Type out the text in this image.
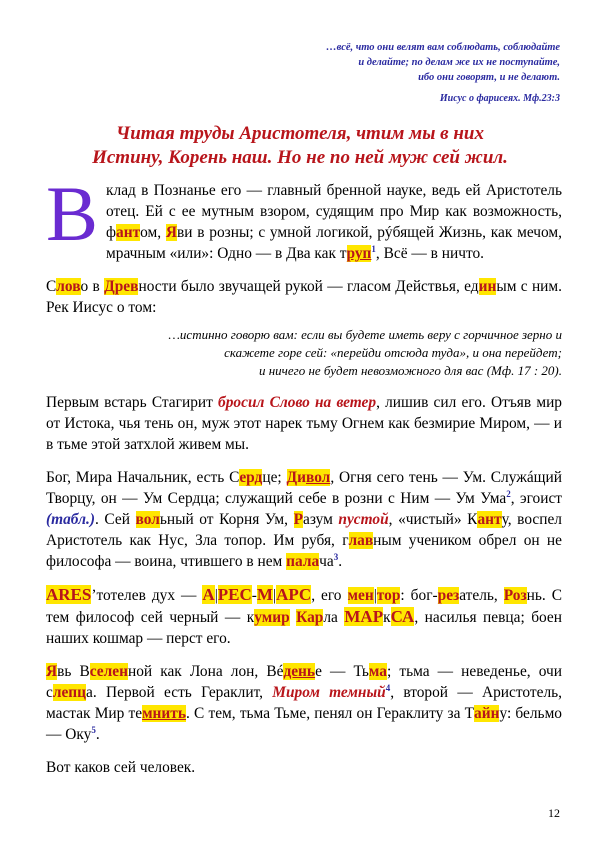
…всё, что они велят вам соблюдать, соблюдайте
и делайте; по делам же их не поступайте,
ибо они говорят, и не делают.
Иисус о фарисеях. Мф.23:3
Читая труды Аристотеля, чтим мы в них
Истину, Корень наш. Но не по ней муж сей жил.

Вклад в Познанье его — главный бренной науке, ведь ей Аристотель отец. Ей с ее мутным взором, судящим про Мир как возможность, фантом, Яви в розны; с умной логикой, рýбящей Жизнь, как мечом, мрачным «или»: Одно — в Два как труп$^1$, Всё — в ничто.

Слово в Древности было звучащей рукой — гласом Действья, единым с ним. Рек Иисус о том:

…истинно говорю вам: если вы будете иметь веру с горчичное зерно и
скажете горе сей: «перейди отсюда туда», и она перейдет;
и ничего не будет невозможного для вас (Мф. 17 : 20).

Первым встарь Стагирит бросил Слово на ветер, лишив сил его. Отъяв мир от Истока, чья тень он, муж этот нарек тьму Огнем как безмирие Миром, — и в тьме этой затхлой живем мы.

Бог, Мира Начальник, есть Сердце; Дивол, Огня сего тень — Ум. Служáщий Творцу, он — Ум Сердца; служащий себе в розни с Ним — Ум Ума$^2$, эгоист (табл.). Сей вольный от Корня Ум, Разум пустой, «чистый» Канту, воспел Аристотель как Нус, Зла топор. Им рубя, главным учеником обрел он не философа — воина, чтившего в нем палача$^3$.

ARES’тотелев дух — А|РЕС-М|АРС, его мен|тор: бог-резатель, Рознь. С тем философ сей черный — кумир Карла МАРкСА, насилья певца; боен наших кошмар — перст его.

Явь Вселенной как Лона лон, Вéденье — Тьма; тьма — неведенье, очи слепца. Первой есть Гераклит, Миром темный$^4$, второй — Аристотель, мастак Мир темнить. С тем, тьма Тьме, пенял он Гераклиту за Тайну: бельмо — Оку$^5$.

Вот каков сей человек.

12
